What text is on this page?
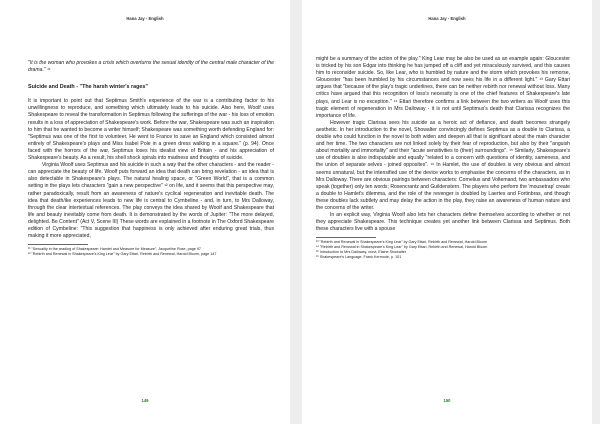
Hana Jay - English

"It is the woman who provokes a crisis which overturns the sexual identity of the central male character of the drama." ¹¹

Suicide and Death - "The harsh winter's rages"

It is important to point out that Septimus Smith's experience of the war is a contributing factor to his unwillingness to reproduce, and something which ultimately leads to his suicide. Also here, Woolf uses Shakespeare to reveal the transformation in Septimus following the sufferings of the war - his loss of emotion results in a loss of appreciation of Shakespeare's work. Before the war, Shakespeare was such an inspiration to him that he wanted to become a writer himself; Shakespeare was something worth defending England for: "Septimus was one of the first to volunteer. He went to France to save an England which consisted almost entirely of Shakespeare's plays and Miss Isabel Pole in a green dress walking in a square." (p. 94). Once faced with the horrors of the war, Septimus loses his idealist view of Britain - and his appreciation of Shakespeare's beauty. As a result, his shell shock spirals into madness and thoughts of suicide.

Virginia Woolf uses Septimus and his suicide in such a way that the other characters - and the reader - can appreciate the beauty of life. Woolf puts forward an idea that death can bring revelation - an idea that is also detectable in Shakespeare's plays. The natural healing space, or "Green World", that is a common setting in the plays lets characters "gain a new perspective" ¹² on life, and it seems that this perspective may, rather paradoxically, result from an awareness of nature's cyclical regeneration and inevitable death. The idea that death/ike experiences leads to new life is central to Cymbeline - and, in turn, to Mrs Dalloway, through the clear intertextual references. The play conveys the idea shared by Woolf and Shakespeare that life and beauty inevitably come from death. It is demonstrated by the words of Jupiter: "The more delayed, delighted. Be Content" (Act V, Scene III) These words are explained in a footnote in The Oxford Shakespeare edition of Cymbeline: "This suggestion that happiness is only achieved after enduring great trials, thus making it more appreciated,

¹¹ "Sexuality in the reading of Shakespeare: Hamlet and Measure for Measure", Jacqueline Rose, page 97

¹² "Rebirth and Renewal in Shakespeare's King Lear" by Gary Ettari, Rebirth and Renewal, Harold Bloom, page 147

149
Hana Jay - English

might be a summary of the action of the play." King Lear may be also be used as an example again: Gloucester is tricked by his son Edgar into thinking he has jumped off a cliff and yet miraculously survived, and this causes him to reconsider suicide. So, like Lear, who is humbled by nature and the storm which provokes his remorse, Gloucester "has been humbled by his circumstances and now sees his life in a different light." ¹³ Gary Ettari argues that "because of the play's tragic underlines, there can be neither rebirth nor renewal without loss. Many critics have argued that this recognition of loss's necessity is one of the chief features of Shakespeare's late plays, and Lear is no exception." ¹⁴ Ettari therefore confirms a link between the two writers as Woolf uses this tragic element of regeneration in Mrs Dalloway - it is not until Septimus's death that Clarissa recognizes the importance of life.

However tragic Clarissa sees his suicide as a heroic act of defiance, and death becomes strangely aesthetic. In her introduction to the novel, Showalter convincingly defines Septimus as a double to Clarissa, a double who could function in the novel to both widen and deepen all that is significant about the main character and her time. The two characters are not linked solely by their fear of reproduction, but also by their "anguish about mortality and immortality" and their "acute sensitivities to (their) surroundings". ¹⁵ Similarly, Shakespeare's use of doubles is also indisputable and equally "related to a concern with questions of identity, sameness, and the union of separate selves - joined opposites". ¹⁶ In Hamlet, the use of doubles is very obvious and almost seems unnatural, but the intensified use of the device works to emphasise the concerns of the characters, as in Mrs Dalloway. There are obvious pairings between characters: Cornelius and Voltemand, two ambassadors who speak (together) only ten words; Rosencrantz and Guildenstern. The players who perform the 'mousetrap' create a double to Hamlet's dilemma, and the role of the revenger is doubled by Laertes and Fortinbras, and though these doubles lack subtlety and may delay the action in the play, they raise an awareness of human nature and the concerns of the writer.

In an explicit way, Virginia Woolf also lets her characters define themselves according to whether or not they appreciate Shakespeare. This technique creates yet another link between Clarissa and Septimus. Both these characters live with a spouse

¹³ "Rebirth and Renewal in Shakespeare's King Lear" by Gary Ettari, Rebirth and Renewal, Harold Bloom

¹⁴ "Rebirth and Renewal in Shakespeare's King Lear" by Gary Ettari, Rebirth and Renewal, Harold Bloom

¹⁵ Introduction to Mrs Dalloway, xxxvi, Elaine Showalter

¹⁶ Shakespeare's Language, Frank Kermode, p. 101

150
